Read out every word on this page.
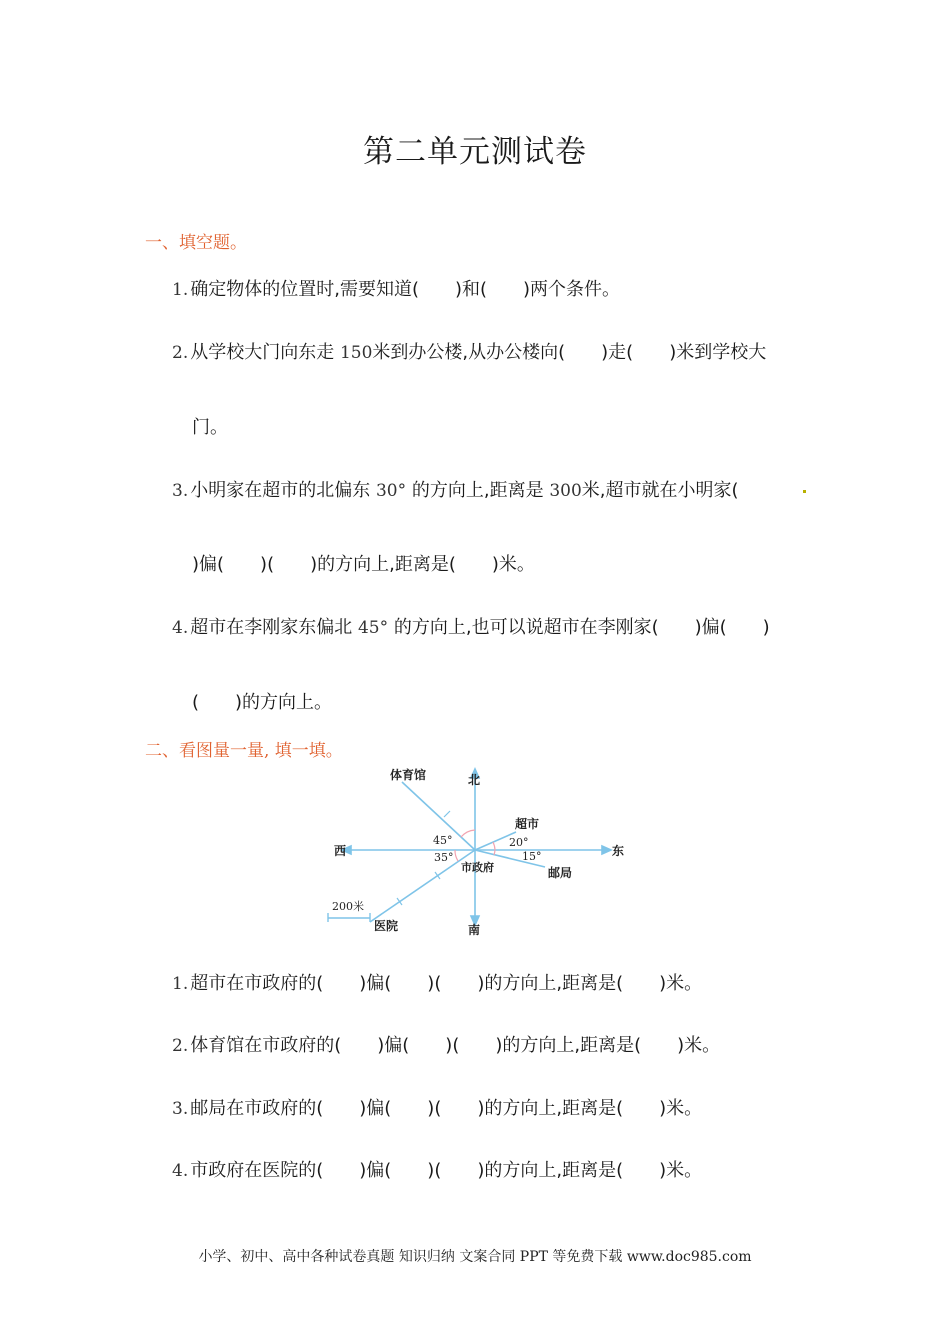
第二单元测试卷
一、填空题。
1. 确定物体的位置时,需要知道(　　)和(　　)两个条件。
2. 从学校大门向东走 150米到办公楼,从办公楼向(　　)走(　　)米到学校大
门。
3. 小明家在超市的北偏东 30° 的方向上,距离是 300米,超市就在小明家(
)偏(　　)(　　)的方向上,距离是(　　)米。
4. 超市在李刚家东偏北 45° 的方向上,也可以说超市在李刚家(　　)偏(　　)
(　　)的方向上。
二、看图量一量, 填一填。
北
南
东
西
市政府
体育馆
超市
邮局
医院
45°
35°
20°
15°
200米
1. 超市在市政府的(　　)偏(　　)(　　)的方向上,距离是(　　)米。
2. 体育馆在市政府的(　　)偏(　　)(　　)的方向上,距离是(　　)米。
3. 邮局在市政府的(　　)偏(　　)(　　)的方向上,距离是(　　)米。
4. 市政府在医院的(　　)偏(　　)(　　)的方向上,距离是(　　)米。
小学、初中、高中各种试卷真题 知识归纳 文案合同 PPT 等免费下载 www.doc985.com
